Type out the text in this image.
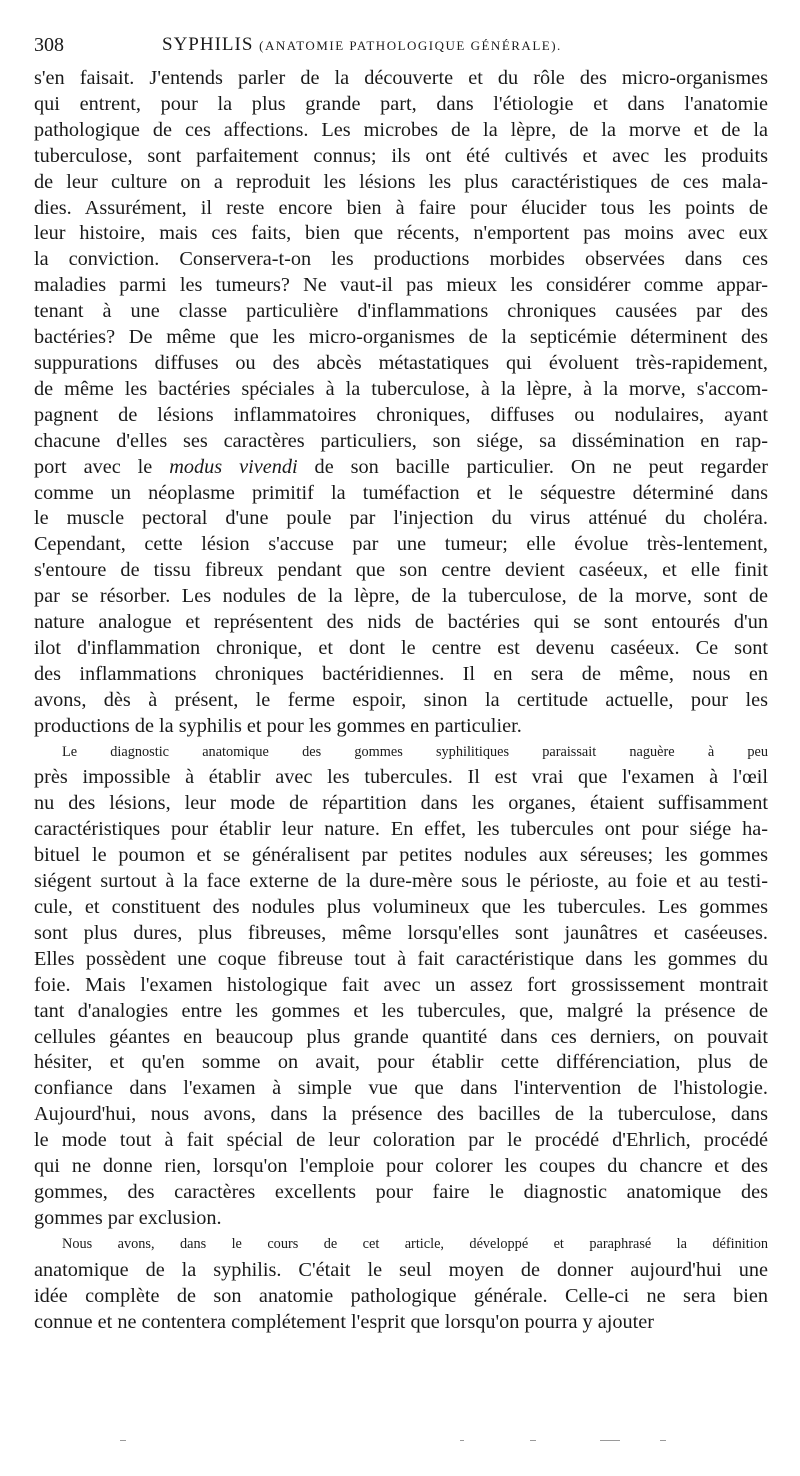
308	SYPHILIS (ANATOMIE PATHOLOGIQUE GÉNÉRALE).
s'en faisait. J'entends parler de la découverte et du rôle des micro-organismes
qui entrent, pour la plus grande part, dans l'étiologie et dans l'anatomie
pathologique de ces affections. Les microbes de la lèpre, de la morve et de la
tuberculose, sont parfaitement connus; ils ont été cultivés et avec les produits
de leur culture on a reproduit les lésions les plus caractéristiques de ces mala-
dies. Assurément, il reste encore bien à faire pour élucider tous les points de
leur histoire, mais ces faits, bien que récents, n'emportent pas moins avec eux
la conviction. Conservera-t-on les productions morbides observées dans ces
maladies parmi les tumeurs? Ne vaut-il pas mieux les considérer comme appar-
tenant à une classe particulière d'inflammations chroniques causées par des
bactéries? De même que les micro-organismes de la septicémie déterminent des
suppurations diffuses ou des abcès métastatiques qui évoluent très-rapidement,
de même les bactéries spéciales à la tuberculose, à la lèpre, à la morve, s'accom-
pagnent de lésions inflammatoires chroniques, diffuses ou nodulaires, ayant
chacune d'elles ses caractères particuliers, son siége, sa dissémination en rap-
port avec le modus vivendi de son bacille particulier. On ne peut regarder
comme un néoplasme primitif la tuméfaction et le séquestre déterminé dans
le muscle pectoral d'une poule par l'injection du virus atténué du choléra.
Cependant, cette lésion s'accuse par une tumeur; elle évolue très-lentement,
s'entoure de tissu fibreux pendant que son centre devient caséeux, et elle finit
par se résorber. Les nodules de la lèpre, de la tuberculose, de la morve, sont de
nature analogue et représentent des nids de bactéries qui se sont entourés d'un
ilot d'inflammation chronique, et dont le centre est devenu caséeux. Ce sont
des inflammations chroniques bactéridiennes. Il en sera de même, nous en
avons, dès à présent, le ferme espoir, sinon la certitude actuelle, pour les
productions de la syphilis et pour les gommes en particulier.
Le diagnostic anatomique des gommes syphilitiques paraissait naguère à peu
près impossible à établir avec les tubercules. Il est vrai que l'examen à l'œil
nu des lésions, leur mode de répartition dans les organes, étaient suffisamment
caractéristiques pour établir leur nature. En effet, les tubercules ont pour siége ha-
bituel le poumon et se généralisent par petites nodules aux séreuses; les gommes
siégent surtout à la face externe de la dure-mère sous le périoste, au foie et au testi-
cule, et constituent des nodules plus volumineux que les tubercules. Les gommes
sont plus dures, plus fibreuses, même lorsqu'elles sont jaunâtres et caséeuses.
Elles possèdent une coque fibreuse tout à fait caractéristique dans les gommes du
foie. Mais l'examen histologique fait avec un assez fort grossissement montrait
tant d'analogies entre les gommes et les tubercules, que, malgré la présence de
cellules géantes en beaucoup plus grande quantité dans ces derniers, on pouvait
hésiter, et qu'en somme on avait, pour établir cette différenciation, plus de
confiance dans l'examen à simple vue que dans l'intervention de l'histologie.
Aujourd'hui, nous avons, dans la présence des bacilles de la tuberculose, dans
le mode tout à fait spécial de leur coloration par le procédé d'Ehrlich, procédé
qui ne donne rien, lorsqu'on l'emploie pour colorer les coupes du chancre et des
gommes, des caractères excellents pour faire le diagnostic anatomique des
gommes par exclusion.
Nous avons, dans le cours de cet article, développé et paraphrasé la définition
anatomique de la syphilis. C'était le seul moyen de donner aujourd'hui une
idée complète de son anatomie pathologique générale. Celle-ci ne sera bien
connue et ne contentera complétement l'esprit que lorsqu'on pourra y ajouter
